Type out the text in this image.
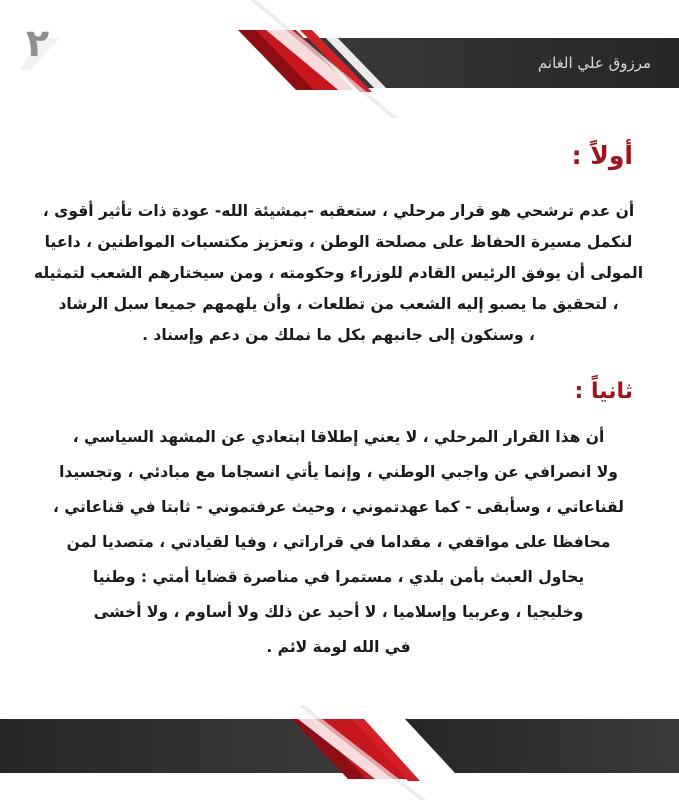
٢	مرزوق علي الغانم
أولاً :
أن عدم ترشحي هو قرار مرحلي ، ستعقبه -بمشيئة الله- عودة ذات تأثير أقوى ،
لنكمل مسيرة الحفاظ على مصلحة الوطن ، وتعزيز مكتسبات المواطنين ، داعيا
المولى أن يوفق الرئيس القادم للوزراء وحكومته ، ومن سيختارهم الشعب لتمثيله
، لتحقيق ما يصبو إليه الشعب من تطلعات ، وأن يلهمهم جميعا سبل الرشاد
، وسنكون إلى جانبهم بكل ما نملك من دعم وإسناد .
ثانياً :
أن هذا القرار المرحلي ، لا يعني إطلاقا ابتعادي عن المشهد السياسي ،
ولا انصرافي عن واجبي الوطني ، وإنما يأتي انسجاما مع مبادئي ، وتجسيدا
لقناعاتي ، وسأبقى - كما عهدتموني ، وحيث عرفتموني - ثابتا في قناعاتي ،
محافظا على مواقفي ، مقداما في قراراتي ، وفيا لقيادتي ، متصديا لمن
يحاول العبث بأمن بلدي ، مستمرا في مناصرة قضايا أمتي : وطنيا
وخليجيا ، وعربيا وإسلاميا ، لا أحيد عن ذلك ولا أساوم ، ولا أخشى
في الله لومة لائم .
